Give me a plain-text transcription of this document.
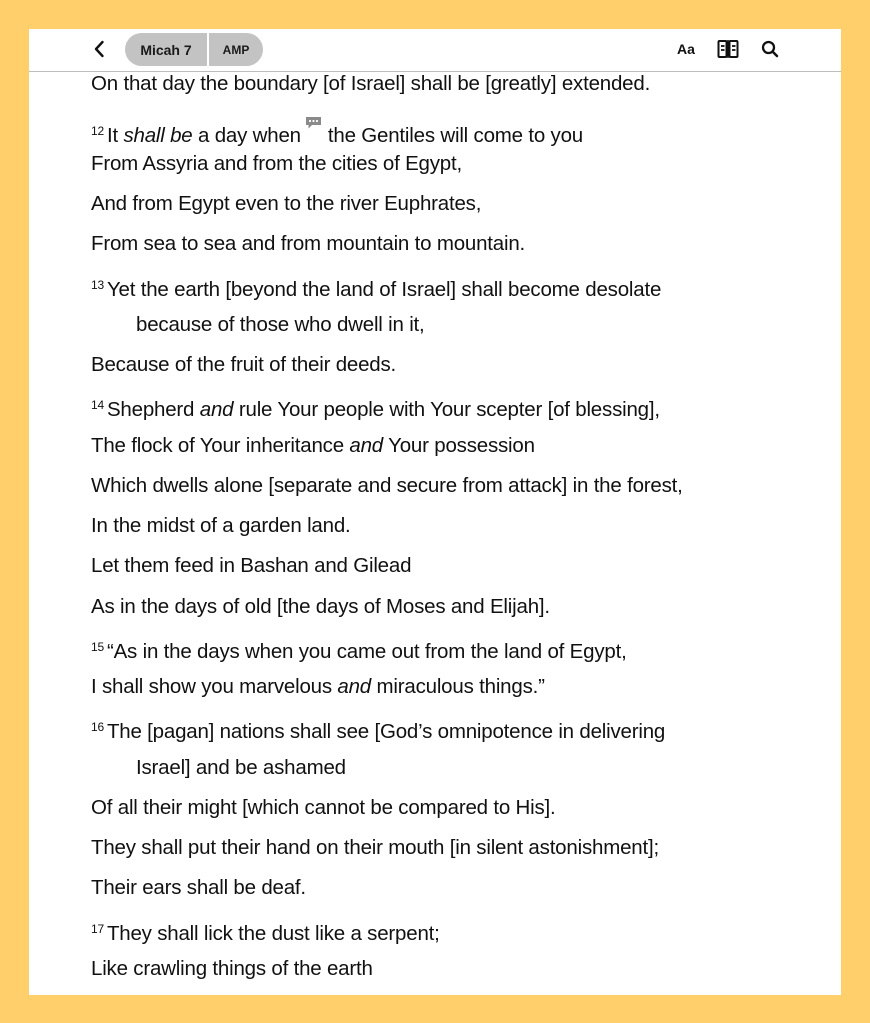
Micah 7	AMP	Aa
On that day the boundary [of Israel] shall be [greatly] extended.
$^{12}$ It shall be a day when the Gentiles will come to you
From Assyria and from the cities of Egypt,
And from Egypt even to the river Euphrates,
From sea to sea and from mountain to mountain.
$^{13}$ Yet the earth [beyond the land of Israel] shall become desolate
because of those who dwell in it,
Because of the fruit of their deeds.
$^{14}$ Shepherd and rule Your people with Your scepter [of blessing],
The flock of Your inheritance and Your possession
Which dwells alone [separate and secure from attack] in the forest,
In the midst of a garden land.
Let them feed in Bashan and Gilead
As in the days of old [the days of Moses and Elijah].
$^{15}$ “As in the days when you came out from the land of Egypt,
I shall show you marvelous and miraculous things.”
$^{16}$ The [pagan] nations shall see [God’s omnipotence in delivering
Israel] and be ashamed
Of all their might [which cannot be compared to His].
They shall put their hand on their mouth [in silent astonishment];
Their ears shall be deaf.
$^{17}$ They shall lick the dust like a serpent;
Like crawling things of the earth
